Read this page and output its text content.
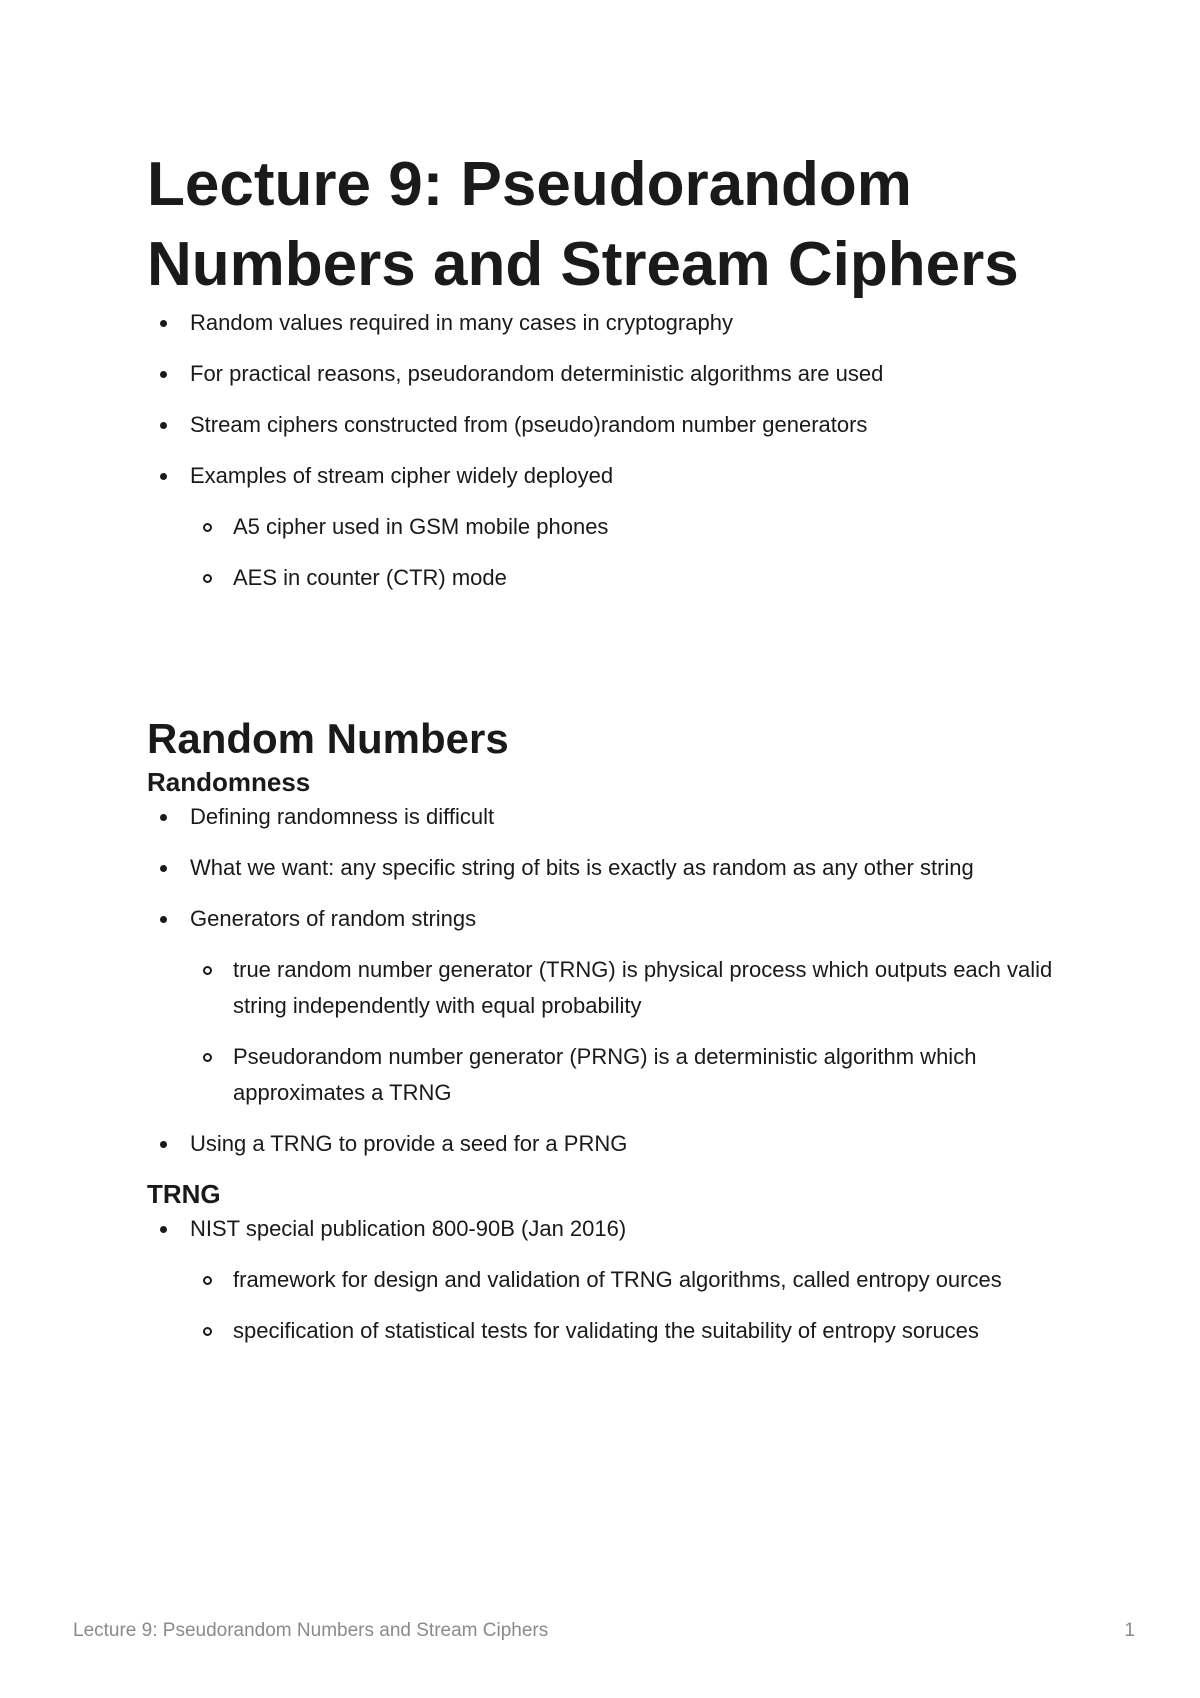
Lecture 9: Pseudorandom Numbers and Stream Ciphers
Random values required in many cases in cryptography
For practical reasons, pseudorandom deterministic algorithms are used
Stream ciphers constructed from (pseudo)random number generators
Examples of stream cipher widely deployed
A5 cipher used in GSM mobile phones
AES in counter (CTR) mode
Random Numbers
Randomness
Defining randomness is difficult
What we want: any specific string of bits is exactly as random as any other string
Generators of random strings
true random number generator (TRNG) is physical process which outputs each valid string independently with equal probability
Pseudorandom number generator (PRNG) is a deterministic algorithm which approximates a TRNG
Using a TRNG to provide a seed for a PRNG
TRNG
NIST special publication 800-90B (Jan 2016)
framework for design and validation of TRNG algorithms, called entropy ources
specification of statistical tests for validating the suitability of entropy soruces
Lecture 9: Pseudorandom Numbers and Stream Ciphers	1
